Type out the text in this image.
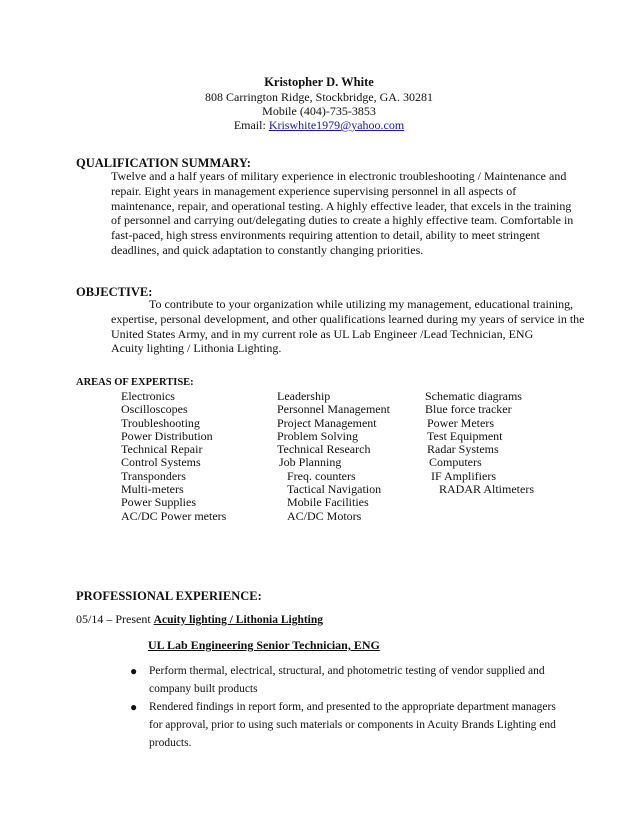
Kristopher D. White
808 Carrington Ridge, Stockbridge, GA. 30281
Mobile (404)-735-3853
Email: Kriswhite1979@yahoo.com
QUALIFICATION SUMMARY:
Twelve and a half years of military experience in electronic troubleshooting / Maintenance and
repair. Eight years in management experience supervising personnel in all aspects of
maintenance, repair, and operational testing. A highly effective leader, that excels in the training
of personnel and carrying out/delegating duties to create a highly effective team. Comfortable in
fast-paced, high stress environments requiring attention to detail, ability to meet stringent
deadlines, and quick adaptation to constantly changing priorities.
OBJECTIVE:
To contribute to your organization while utilizing my management, educational training,
expertise, personal development, and other qualifications learned during my years of service in the
United States Army, and in my current role as UL Lab Engineer /Lead Technician, ENG
Acuity lighting / Lithonia Lighting.
AREAS OF EXPERTISE:
Electronics
Oscilloscopes
Troubleshooting
Power Distribution
Technical Repair
Control Systems
Transponders
Multi-meters
Power Supplies
AC/DC Power meters
Leadership
Personnel Management
Project Management
Problem Solving
Technical Research
Job Planning
Freq. counters
Tactical Navigation
Mobile Facilities
AC/DC Motors
Schematic diagrams
Blue force tracker
Power Meters
Test Equipment
Radar Systems
Computers
IF Amplifiers
RADAR Altimeters
PROFESSIONAL EXPERIENCE:
05/14 – Present Acuity lighting / Lithonia Lighting
UL Lab Engineering Senior Technician, ENG
● Perform thermal, electrical, structural, and photometric testing of vendor supplied and
company built products
● Rendered findings in report form, and presented to the appropriate department managers
for approval, prior to using such materials or components in Acuity Brands Lighting end
products.
